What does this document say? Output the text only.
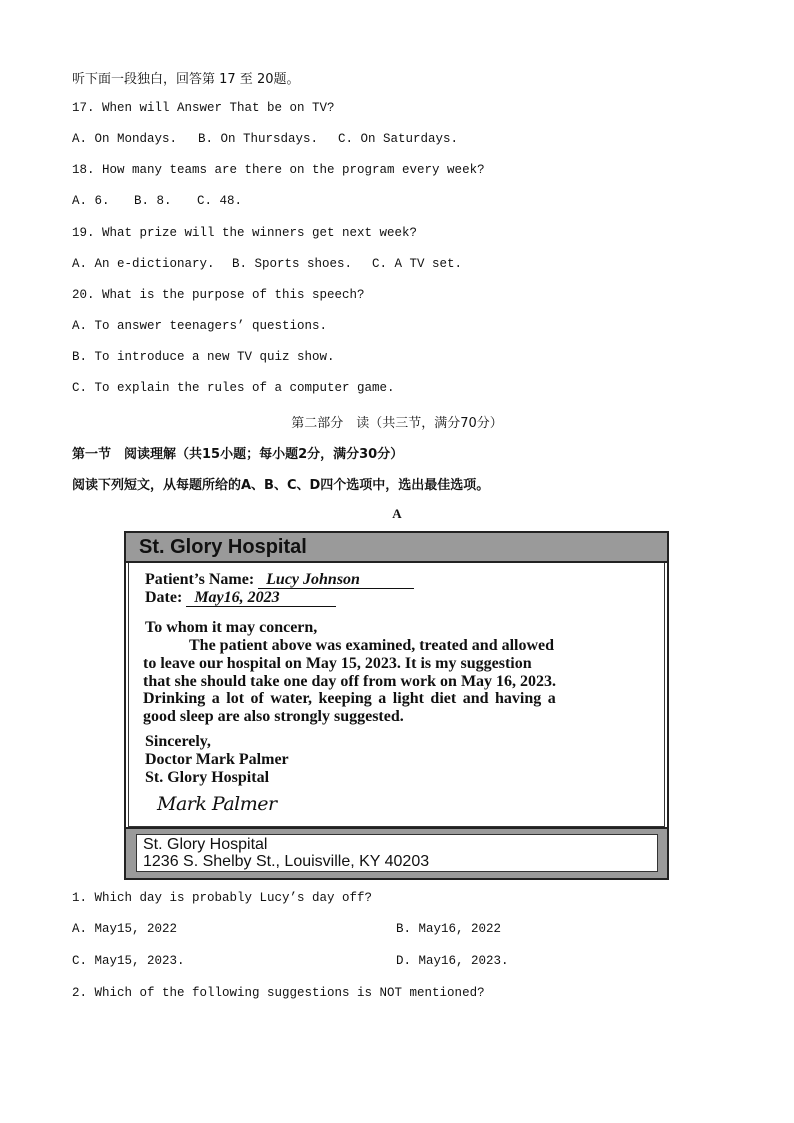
听下面一段独白，回答第 17 至 20题。
17. When will Answer That be on TV?
A. On Mondays. B. On Thursdays. C. On Saturdays.
18. How many teams are there on the program every week?
A. 6. B. 8. C. 48.
19. What prize will the winners get next week?
A. An e-dictionary. B. Sports shoes. C. A TV set.
20. What is the purpose of this speech?
A. To answer teenagers’ questions.
B. To introduce a new TV quiz show.
C. To explain the rules of a computer game.
第二部分　读（共三节，满分70分）
第一节　阅读理解（共15小题；每小题2分，满分30分）
阅读下列短文，从每题所给的A、B、C、D四个选项中，选出最佳选项。
A
St. Glory Hospital
Patient’s Name: Lucy Johnson
Date: May16, 2023
To whom it may concern,
The patient above was examined, treated and allowed
to leave our hospital on May 15, 2023. It is my suggestion
that she should take one day off from work on May 16, 2023.
Drinking a lot of water, keeping a light diet and having a
good sleep are also strongly suggested.
Sincerely,
Doctor Mark Palmer
St. Glory Hospital
Mark Palmer
St. Glory Hospital
1236 S. Shelby St., Louisville, KY 40203
1. Which day is probably Lucy’s day off?
A. May15, 2022	B. May16, 2022
C. May15, 2023.	D. May16, 2023.
2. Which of the following suggestions is NOT mentioned?
